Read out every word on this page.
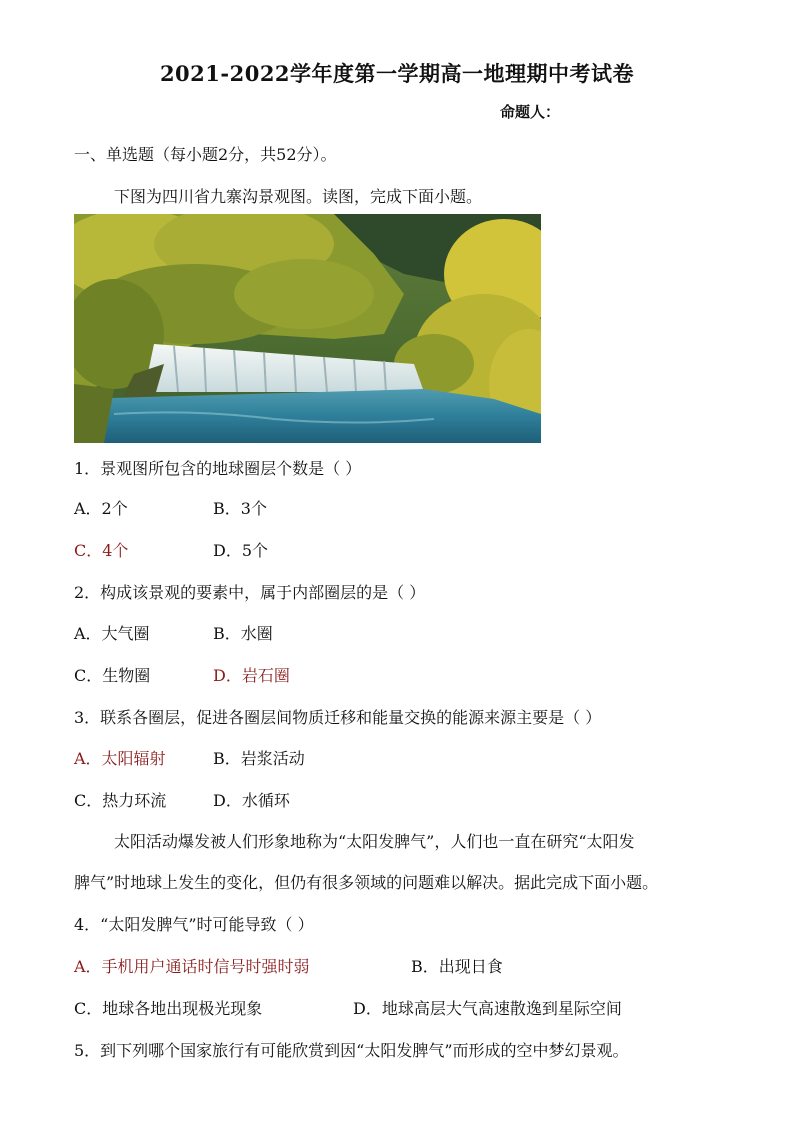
2021-2022学年度第一学期高一地理期中考试卷
命题人：
一、单选题（每小题2分，共52分）。
下图为四川省九寨沟景观图。读图，完成下面小题。
1．景观图所包含的地球圈层个数是（ ）
A．2个	B．3个
C．4个	D．5个
2．构成该景观的要素中，属于内部圈层的是（ ）
A．大气圈	B．水圈
C．生物圈	D．岩石圈
3．联系各圈层，促进各圈层间物质迁移和能量交换的能源来源主要是（ ）
A．太阳辐射	B．岩浆活动
C．热力环流	D．水循环
太阳活动爆发被人们形象地称为“太阳发脾气”，人们也一直在研究“太阳发
脾气”时地球上发生的变化，但仍有很多领域的问题难以解决。据此完成下面小题。
4．“太阳发脾气”时可能导致（ ）
A．手机用户通话时信号时强时弱	B．出现日食
C．地球各地出现极光现象	D．地球高层大气高速散逸到星际空间
5．到下列哪个国家旅行有可能欣赏到因“太阳发脾气”而形成的空中梦幻景观。
